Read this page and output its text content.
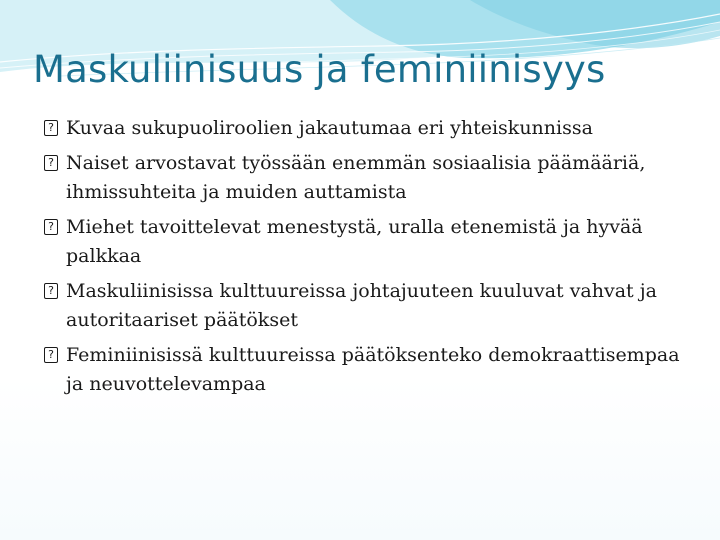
Maskuliinisuus ja feminiinisyys
? Kuvaa sukupuoliroolien jakautumaa eri yhteiskunnissa
? Naiset arvostavat työssään enemmän sosiaalisia päämääriä, ihmissuhteita ja muiden auttamista
? Miehet tavoittelevat menestystä, uralla etenemistä ja hyvää palkkaa
? Maskuliinisissa kulttuureissa johtajuuteen kuuluvat vahvat ja autoritaariset päätökset
? Feminiinisissä kulttuureissa päätöksenteko demokraattisempaa ja neuvottelevampaa
